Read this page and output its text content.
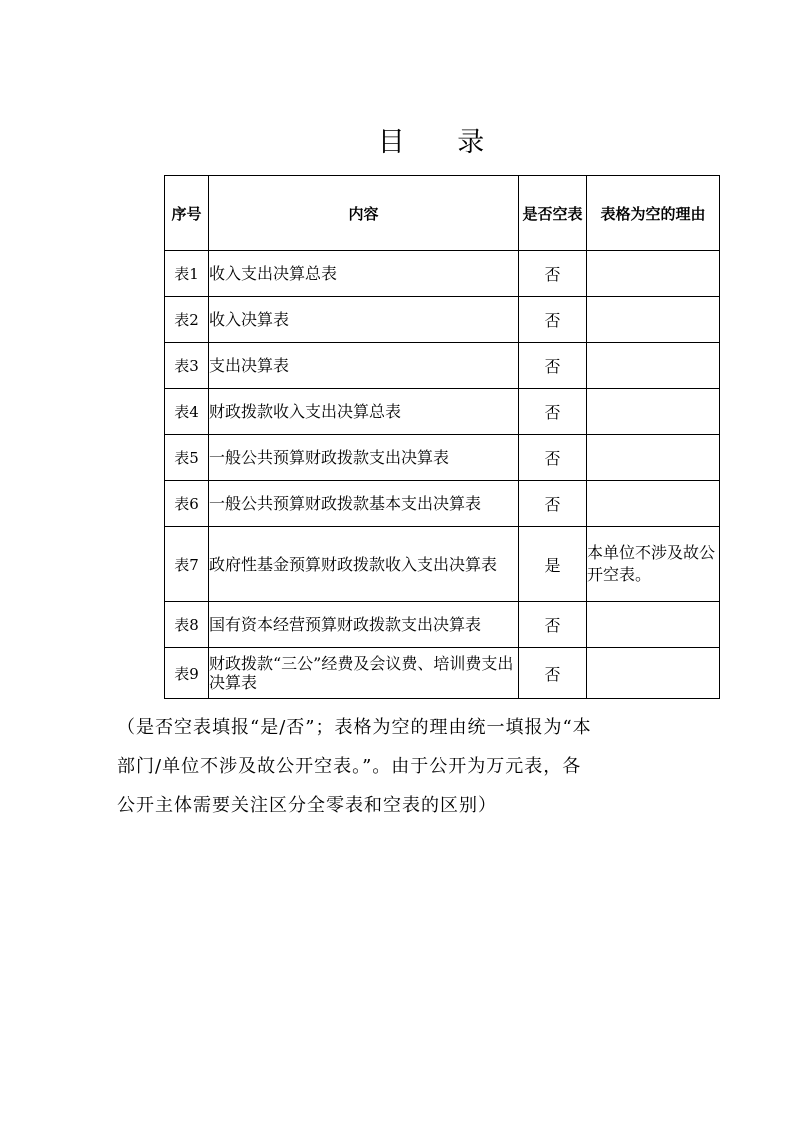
目 录
序号	内容	是否空表	表格为空的理由
表1	收入支出决算总表	否	
表2	收入决算表	否	
表3	支出决算表	否	
表4	财政拨款收入支出决算总表	否	
表5	一般公共预算财政拨款支出决算表	否	
表6	一般公共预算财政拨款基本支出决算表	否	
表7	政府性基金预算财政拨款收入支出决算表	是	本单位不涉及故公开空表。
表8	国有资本经营预算财政拨款支出决算表	否	
表9	财政拨款“三公”经费及会议费、培训费支出决算表	否	
（是否空表填报“是/否”；表格为空的理由统一填报为“本
部门/单位不涉及故公开空表。”。由于公开为万元表，各
公开主体需要关注区分全零表和空表的区别）
